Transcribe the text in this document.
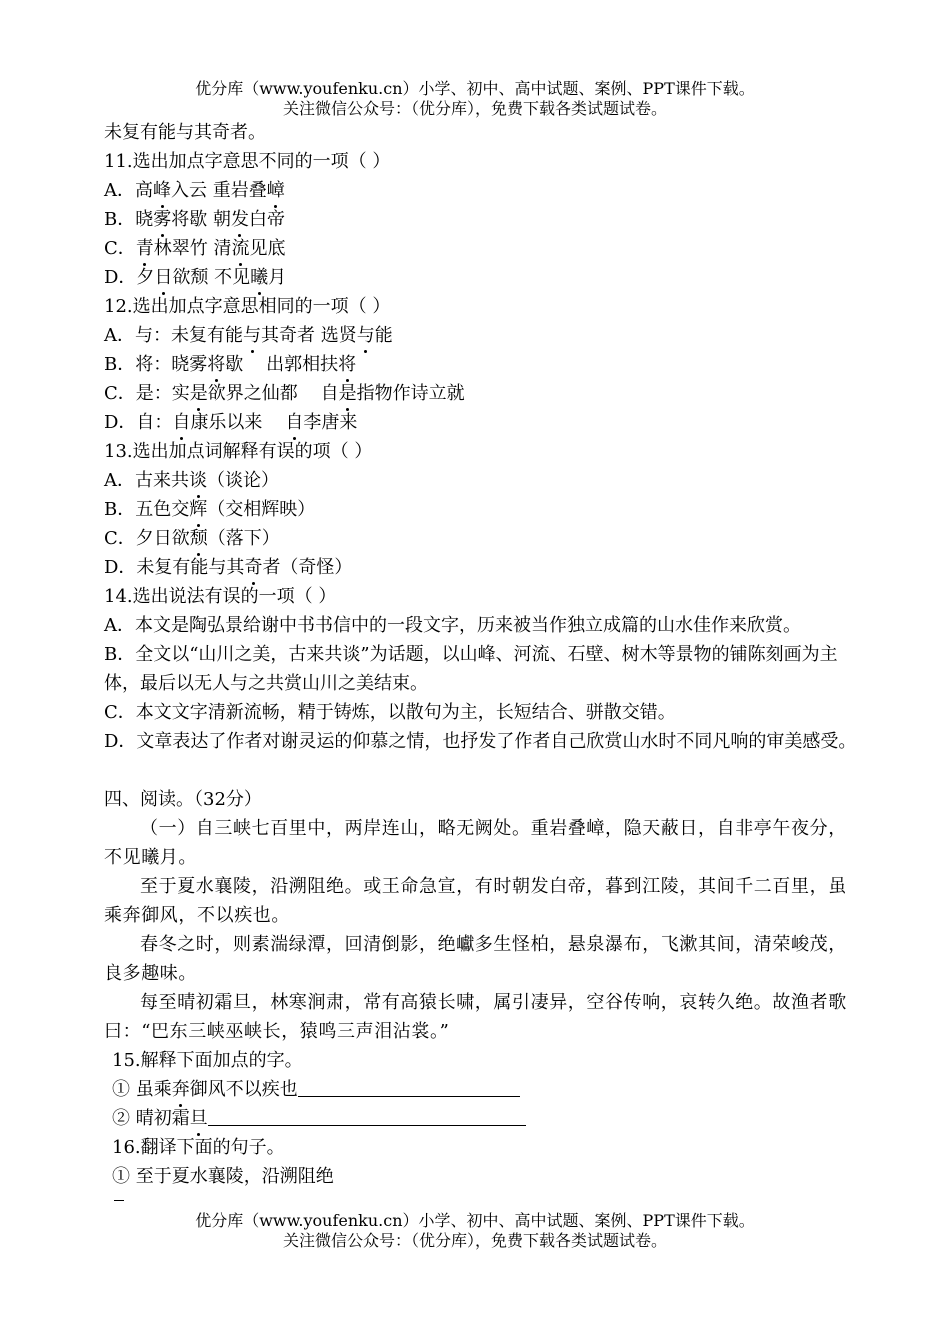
优分库（www.youfenku.cn）小学、初中、高中试题、案例、PPT课件下载。
关注微信公众号：（优分库），免费下载各类试题试卷。
未复有能与其奇者。
11.选出加点字意思不同的一项（ ）
A．高峰入云 重岩叠嶂
B．晓雾将歇 朝发白帝
C．青林翠竹 清流见底
D．夕日欲颓 不见曦月
12.选出加点字意思相同的一项（ ）
A．与：未复有能与其奇者 选贤与能
B．将：晓雾将歇    出郭相扶将
C．是：实是欲界之仙都    自是指物作诗立就
D．自：自康乐以来    自李唐来
13.选出加点词解释有误的项（ ）
A．古来共谈（谈论）
B．五色交辉（交相辉映）
C．夕日欲颓（落下）
D．未复有能与其奇者（奇怪）
14.选出说法有误的一项（ ）
A．本文是陶弘景给谢中书书信中的一段文字，历来被当作独立成篇的山水佳作来欣赏。
B．全文以“山川之美，古来共谈”为话题，以山峰、河流、石壁、树木等景物的铺陈刻画为主体，最后以无人与之共赏山川之美结束。
C．本文文字清新流畅，精于铸炼，以散句为主，长短结合、骈散交错。
D．文章表达了作者对谢灵运的仰慕之情，也抒发了作者自己欣赏山水时不同凡响的审美感受。
四、阅读。（32分）
（一）自三峡七百里中，两岸连山，略无阙处。重岩叠嶂，隐天蔽日，自非亭午夜分，不见曦月。
至于夏水襄陵，沿溯阻绝。或王命急宣，有时朝发白帝，暮到江陵，其间千二百里，虽乘奔御风，不以疾也。
春冬之时，则素湍绿潭，回清倒影，绝巘多生怪柏，悬泉瀑布，飞漱其间，清荣峻茂，良多趣味。
每至晴初霜旦，林寒涧肃，常有高猿长啸，属引凄异，空谷传响，哀转久绝。故渔者歌曰：“巴东三峡巫峡长，猿鸣三声泪沾裳。”
15.解释下面加点的字。
① 虽乘奔御风不以疾也
② 晴初霜旦
16.翻译下面的句子。
① 至于夏水襄陵，沿溯阻绝
优分库（www.youfenku.cn）小学、初中、高中试题、案例、PPT课件下载。
关注微信公众号：（优分库），免费下载各类试题试卷。
